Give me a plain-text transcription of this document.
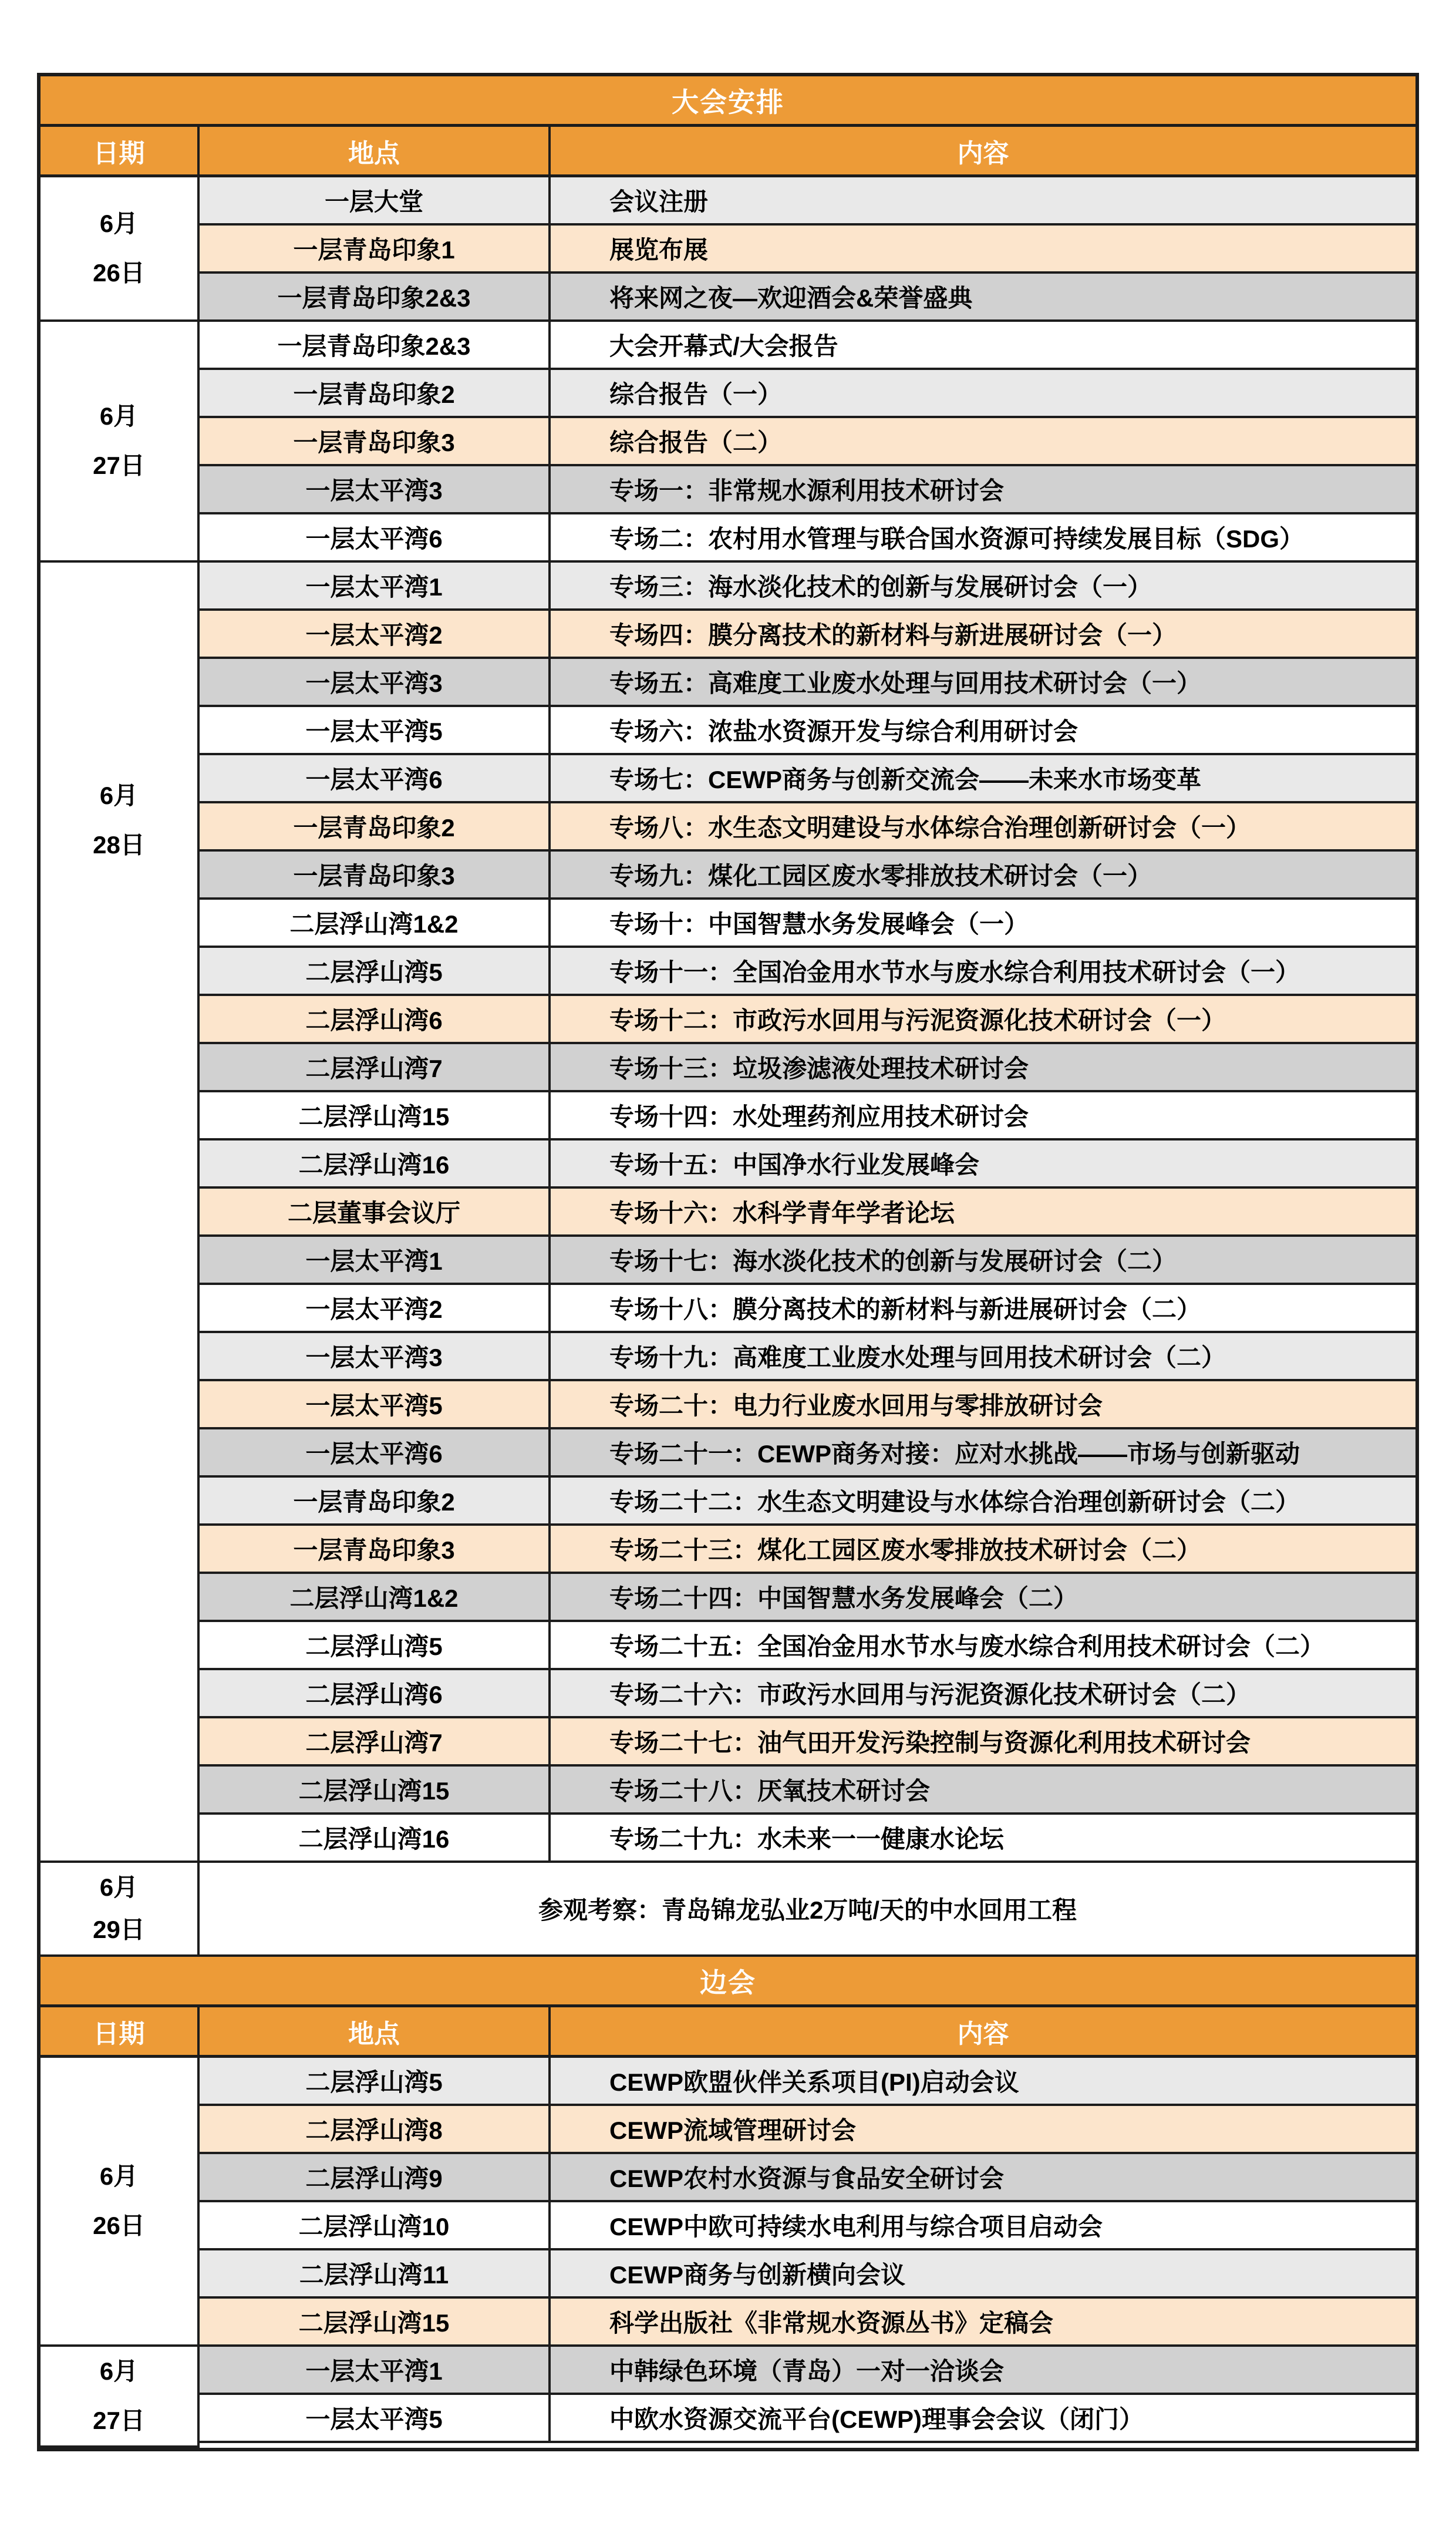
大会安排
日期	地点	内容
6月
26日
一层大堂	会议注册
一层青岛印象1	展览布展
一层青岛印象2&3	将来网之夜—欢迎酒会&荣誉盛典
6月
27日
一层青岛印象2&3	大会开幕式/大会报告
一层青岛印象2	综合报告（一）
一层青岛印象3	综合报告（二）
一层太平湾3	专场一：非常规水源利用技术研讨会
一层太平湾6	专场二：农村用水管理与联合国水资源可持续发展目标（SDG）
6月
28日
一层太平湾1	专场三：海水淡化技术的创新与发展研讨会（一）
一层太平湾2	专场四：膜分离技术的新材料与新进展研讨会（一）
一层太平湾3	专场五：高难度工业废水处理与回用技术研讨会（一）
一层太平湾5	专场六：浓盐水资源开发与综合利用研讨会
一层太平湾6	专场七：CEWP商务与创新交流会——未来水市场变革
一层青岛印象2	专场八：水生态文明建设与水体综合治理创新研讨会（一）
一层青岛印象3	专场九：煤化工园区废水零排放技术研讨会（一）
二层浮山湾1&2	专场十：中国智慧水务发展峰会（一）
二层浮山湾5	专场十一：全国冶金用水节水与废水综合利用技术研讨会（一）
二层浮山湾6	专场十二：市政污水回用与污泥资源化技术研讨会（一）
二层浮山湾7	专场十三：垃圾渗滤液处理技术研讨会
二层浮山湾15	专场十四：水处理药剂应用技术研讨会
二层浮山湾16	专场十五：中国净水行业发展峰会
二层董事会议厅	专场十六：水科学青年学者论坛
一层太平湾1	专场十七：海水淡化技术的创新与发展研讨会（二）
一层太平湾2	专场十八：膜分离技术的新材料与新进展研讨会（二）
一层太平湾3	专场十九：高难度工业废水处理与回用技术研讨会（二）
一层太平湾5	专场二十：电力行业废水回用与零排放研讨会
一层太平湾6	专场二十一：CEWP商务对接：应对水挑战——市场与创新驱动
一层青岛印象2	专场二十二：水生态文明建设与水体综合治理创新研讨会（二）
一层青岛印象3	专场二十三：煤化工园区废水零排放技术研讨会（二）
二层浮山湾1&2	专场二十四：中国智慧水务发展峰会（二）
二层浮山湾5	专场二十五：全国冶金用水节水与废水综合利用技术研讨会（二）
二层浮山湾6	专场二十六：市政污水回用与污泥资源化技术研讨会（二）
二层浮山湾7	专场二十七：油气田开发污染控制与资源化利用技术研讨会
二层浮山湾15	专场二十八：厌氧技术研讨会
二层浮山湾16	专场二十九：水未来一一健康水论坛
6月
29日
参观考察：青岛锦龙弘业2万吨/天的中水回用工程
边会
日期	地点	内容
6月
26日
二层浮山湾5	CEWP欧盟伙伴关系项目(PI)启动会议
二层浮山湾8	CEWP流域管理研讨会
二层浮山湾9	CEWP农村水资源与食品安全研讨会
二层浮山湾10	CEWP中欧可持续水电利用与综合项目启动会
二层浮山湾11	CEWP商务与创新横向会议
二层浮山湾15	科学出版社《非常规水资源丛书》定稿会
6月
27日
一层太平湾1	中韩绿色环境（青岛）一对一洽谈会
一层太平湾5	中欧水资源交流平台(CEWP)理事会会议（闭门）
